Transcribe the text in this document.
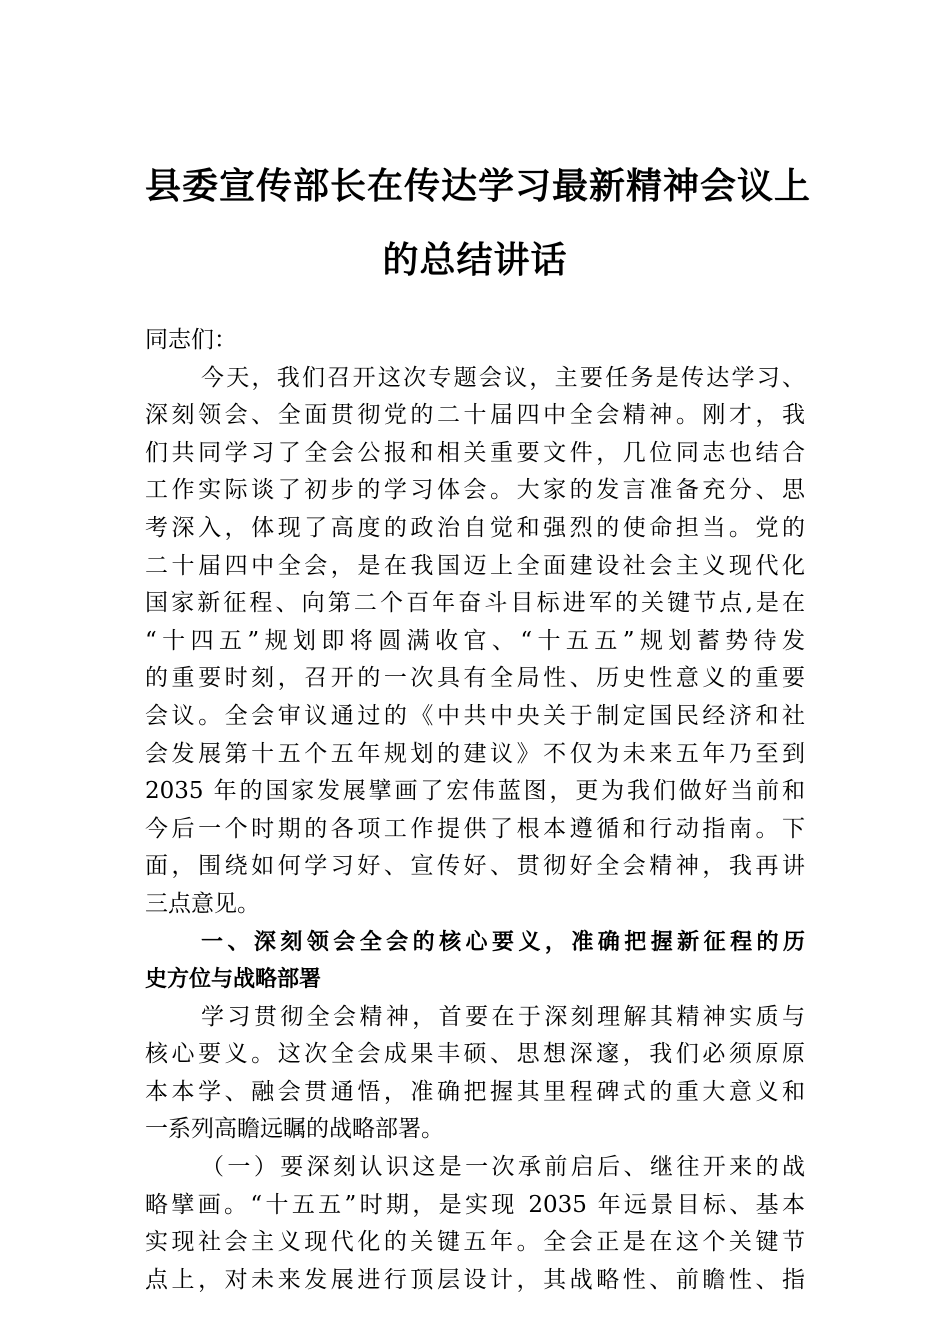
县委宣传部长在传达学习最新精神会议上
的总结讲话
同志们：
今天，我们召开这次专题会议，主要任务是传达学习、
深刻领会、全面贯彻党的二十届四中全会精神。刚才，我
们共同学习了全会公报和相关重要文件，几位同志也结合
工作实际谈了初步的学习体会。大家的发言准备充分、思
考深入，体现了高度的政治自觉和强烈的使命担当。党的
二十届四中全会，是在我国迈上全面建设社会主义现代化
国家新征程、向第二个百年奋斗目标进军的关键节点,是在
“十四五”规划即将圆满收官、“十五五”规划蓄势待发
的重要时刻，召开的一次具有全局性、历史性意义的重要
会议。全会审议通过的《中共中央关于制定国民经济和社
会发展第十五个五年规划的建议》不仅为未来五年乃至到
2035 年的国家发展擘画了宏伟蓝图，更为我们做好当前和
今后一个时期的各项工作提供了根本遵循和行动指南。下
面，围绕如何学习好、宣传好、贯彻好全会精神，我再讲
三点意见。
一、深刻领会全会的核心要义，准确把握新征程的历
史方位与战略部署
学习贯彻全会精神，首要在于深刻理解其精神实质与
核心要义。这次全会成果丰硕、思想深邃，我们必须原原
本本学、融会贯通悟，准确把握其里程碑式的重大意义和
一系列高瞻远瞩的战略部署。
（一）要深刻认识这是一次承前启后、继往开来的战
略擘画。“十五五”时期，是实现 2035 年远景目标、基本
实现社会主义现代化的关键五年。全会正是在这个关键节
点上，对未来发展进行顶层设计，其战略性、前瞻性、指
